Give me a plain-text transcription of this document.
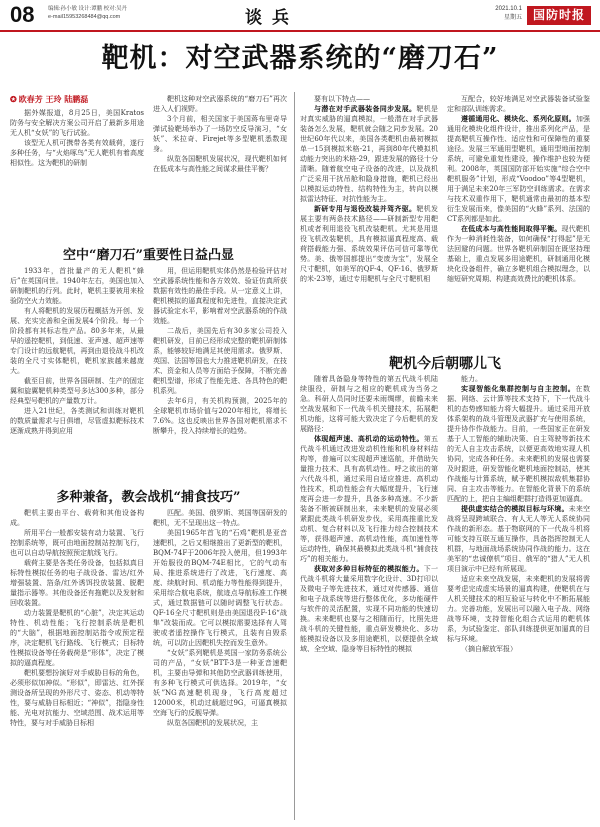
08 编辑:孙小敏 设计:谭鹏 校对:吴丹
e-mail15953268484@qq.com	谈兵	2021.10.1
星期五 国防时报
靶机：对空武器系统的“磨刀石”
✪ 欧春芳 王玲 陆鹏磊

据外媒报道，8月25日，美国Kratos防务与安全解决方案公司开启了最新多用途无人机“女妖”的飞行试验。

该型无人机可携带各类有效载荷，遂行多种任务，与“火焰啄鸟”无人靶机有着高度相似性。这为靶机的研制

靶机这种对空武器系统的“磨刀石”再次进入人们视野。

3个月前，相关国家于美国蒋布里奇导弹试验靶场举办了一场防空反导演习，“女妖”、米拉奇、Firejet等多型靶机悉数现身。

纵览各国靶机发展状况，现代靶机如何在低成本与高性能之间谋求最佳平衡？

空中“磨刀石”重要性日益凸显

1933年，首批量产的无人靶机“蜂后”在英国问世。1940年左右，美国也加入研制靶机的行列。此时，靶机主要被用来检验防空火力效能。

有人将靶机的发展历程概括为开创、发展、充实完善和全面发展4个阶段。每一个阶段都有其标志性产品。80多年来，从最早的遥控靶机，到低速、亚声速、超声速等专门设计的远航靶机，再到由退役战斗机改装的全尺寸实体靶机，靶机家族越来越庞大。

截至目前，世界各国研制、生产的固定翼和旋翼靶机种类型号多达300多种，部分经典型号靶机的产量数万计。

进入21世纪，各类测试和训练对靶机的数质量需求与日俱增，尽管虚拟靶标技术逐渐成熟并得到应用

用，但运用靶机实体仍然是检验评估对空武器系统性能和各方效效、验证仿真所获数据有效性的最佳手段。从一定意义上讲，靶机模拟的逼真程度和先进性，直接决定武器试验定水平，影响着对空武器系统的作战效能。

二战后，美国先后有30多家公司投入靶机研发，目前已经形成完整的靶机研制体系，能够较好地满足其使用需求。俄罗斯、英国、法国等国也大力推进靶机研发，在技术、资金和人员等方面给予保障，不断完善靶机型谱，形成了性能先进、各具特色的靶机系列。

去年6月，有关机构预测，2025年的全球靶机市场价值与2020年相比，将增长7.6%。这也反映出世界各国对靶机需求不断攀升，投入持续增长的趋势。

多种兼备，教会战机“捕食技巧”

靶机主要由平台、载荷和其他设备构成。

所用平台一般都安装有动力装置、飞行控制系统等，既可由地面控制站控制飞行，也可以自动导航按照预定航线飞行。

载荷主要是各类任务设备，包括拟真目标特性模拟任务的电子战设备、雷达/红外增强装置、箔条/红外诱饵投放装置、脱靶量指示器等。其他设备还有拖靶以及发射和回收装置。

动力装置是靶机的“心脏”，决定其运动特性、机动性能；飞行控制系统是靶机的“大脑”，根据地面控制站指令或预定程序，决定靶机飞行路线、飞行模式；目标特性模拟设备等任务载荷是“形体”，决定了模拟的逼真程度。

靶机要想扮演好对手威胁目标的角色，必须形似加神似。“形似”，即雷达、红外探测设备所呈现的外形尺寸、姿态、机动等特性，要与威胁目标相近；“神似”，指隐身性能、光电对抗能力、空域范围、战术运用等特性，要与对手威胁目标相

匹配。美国、俄罗斯、英国等国研发的靶机，无不呈现出这一特点。

美国1965年首飞的“石鸡”靶机是亚音速靶机，之后又相继推出了更新型的靶机，BQM-74F于2006年投入使用，但1993年开始服役的BQM-74E相比，它的气动布局、推进系统进行了改进，飞行速度、高度、续航时间、机动能力等性能得到提升，采用综合航电系统，航迹点导航标准工作模式，通过数据链可以随时调整飞行状态。QF-16全尺寸靶机则是由美国退役F-16“战隼”改装而成。它可以模拟需要选择有人驾驶或者遥控操作飞行模式，且装有自毁系统，可以防止因靶机失控而发生意外。

“女妖”系列靶机是英国一家防务系统公司的产品，“女妖”BTT-3是一种亚音速靶机，主要由导弹和其他防空武器训练使用，有多种飞行模式可供选择。2019年，“女妖”NG高速靶机现身，飞行高度超过12000米，机动过载超过9G，可逼真模拟空海飞行的反舰导弹。

纵览各国靶机的发展状况，主

要有以下特点——

与潜在对手武器装备同步发展。靶机是对真实威胁的逼真模拟，一般潜在对手武器装备怎么发展，靶机就会随之同步发展。20世纪60年代以来，美国各类靶机由最初模拟单一15到模拟米格-21，再到80年代模拟机动能力突出的米格-29，跟进发展的路径十分清晰。随着航空电子设备的改进，以及战机广泛采用干扰吊舱和隐身措施，靶机已经出以模拟运动特性、结构特性为主，转向以模拟雷达特征、对抗性能为主。

新研专用与退役改装并驾齐驱。靶机发展主要有两条技术路径——研制新型专用靶机或者利用退役飞机改装靶机。尤其是用退役飞机改装靶机，具有模拟逼真程度高、载荷搭载能力强、系统效果评估可信可靠等优势。美、俄等国都提出“变废为宝”，发展全尺寸靶机，如美军的QF-4、QF-16、俄罗斯的米-23等，通过专用靶机与全尺寸靶机相

互配合，较好地满足对空武器装备试验鉴定和部队训练需求。

遵循通用化、模块化、系列化原则。加强通用化模块化组件设计，推出系列化产品，是提高靶机互操作性、适应性和可保障性的重要途径。发展三军通用型靶机，通用型地面控制系统，可避免重复性建设，操作维护也较为便利。2008年，英国国防部开始实施“综合空中靶机服务”计划，形成“Voodoo”等4型靶机，用于满足未来20年三军防空训练需求。在需求与技术双重作用下，靶机通常由最初的基本型衍生发展而来，像美国的“火蜂”系列、法国的CT系列都是如此。

在低成本与高性能间取得平衡。现代靶机作为一种消耗性装备，如何确保“打得起”是无法回避的问题。世界各靶机研制国在既坚持理基础上，重点发展多用途靶机，研制通用化模块化设备组件，确立多靶机组合模拟理念，以缩短研究周期、构建高效费比的靶机体系。

靶机今后朝哪儿飞

随着具备隐身等特性的第五代战斗机陆续服役，研制与之相应的靶机成为当务之急。科研人员同时还要未雨绸缪，前瞻未来空战发展和下一代战斗机关键技术，拓展靶机功能，这将可能大致决定了今后靶机的发展路径：

体现超声速、高机动的运动特性。第五代战斗机通过改进发动机性能和机身材料结构等，普遍可以实现超声速巡航，并借助矢量推力技术、具有高机动性。呼之欲出的第六代战斗机，通过采用自适应推进、高机动性技术，机动性能会有大幅度提升，飞行速度再会进一步提升，具备多种高速。不少新装备不断被研制出来，未来靶机的发展必须紧跟此类战斗机研发步伐，采用高推重比发动机、复合材料以及飞行推力综合控制技术等，获得超声速、高机动性能，高加速性等运动特性，确保其最模拟此类战斗机“捕食技巧”的相关能力。

获取对多种目标特征的模拟能力。下一代战斗机将大量采用数字化设计、3D打印以及微电子等先进技术，通过对传感器、通信和电子战系统等进行整体优化，多功能硬件与软件的灵活配置，实现不同功能的快速切换。未来靶机也要与之相随而行，比照先进战斗机的关键性能，重点研发模块化、多功能模拟设备以及多用途靶机，以便提供全域域、全空域、隐身等目标特性的模拟

能力。

实现智能化集群控制与自主控制。在数据、网络、云计算等技术支持下，下一代战斗机的态势感知能力将大幅提升。通过采用开放体系架构的战斗管理及武器扩充与使用系统，提升协作作战能力。目前，一些国家正在研发基于人工智能的辅助决策、自主驾驶等新技术的无人自主攻击系统，以便更高效地实现人机协同，完成各种任务。未来靶机的发展也需要及时跟进，研发智能化靶机地面控制站，使其作战能与计算系统，赋予靶机模拟敌机集群协同、自主攻击等能力。在智能化背景下的系统匹配的上，把自主编组靶群打造得更加逼真。

提供虚实结合的模拟目标与环境。未来空战将呈现跨域联合、有人无人等无人系统协同作战的新形态。基于物联网的下一代战斗机将可能支持互联互通互操作，具备指挥控制无人机群，与地面战场系统协同作战的能力。这在美军的“忠诚僚机”项目、俄军的“猎人”无人机项目演示中已经有所展现。

适应未来空战发展，未来靶机的发展将需要考虑完成虚实场景的逼真构建，使靶机在与人机关键技术的相互验证与转化中不断拓展能力。完善功能，发展出可以融入电子战、网络战等环境，支持智能化组合式运用的靶机体系，为试验鉴定、部队训练提供更加逼真的目标与环境。

（摘自解放军报）
